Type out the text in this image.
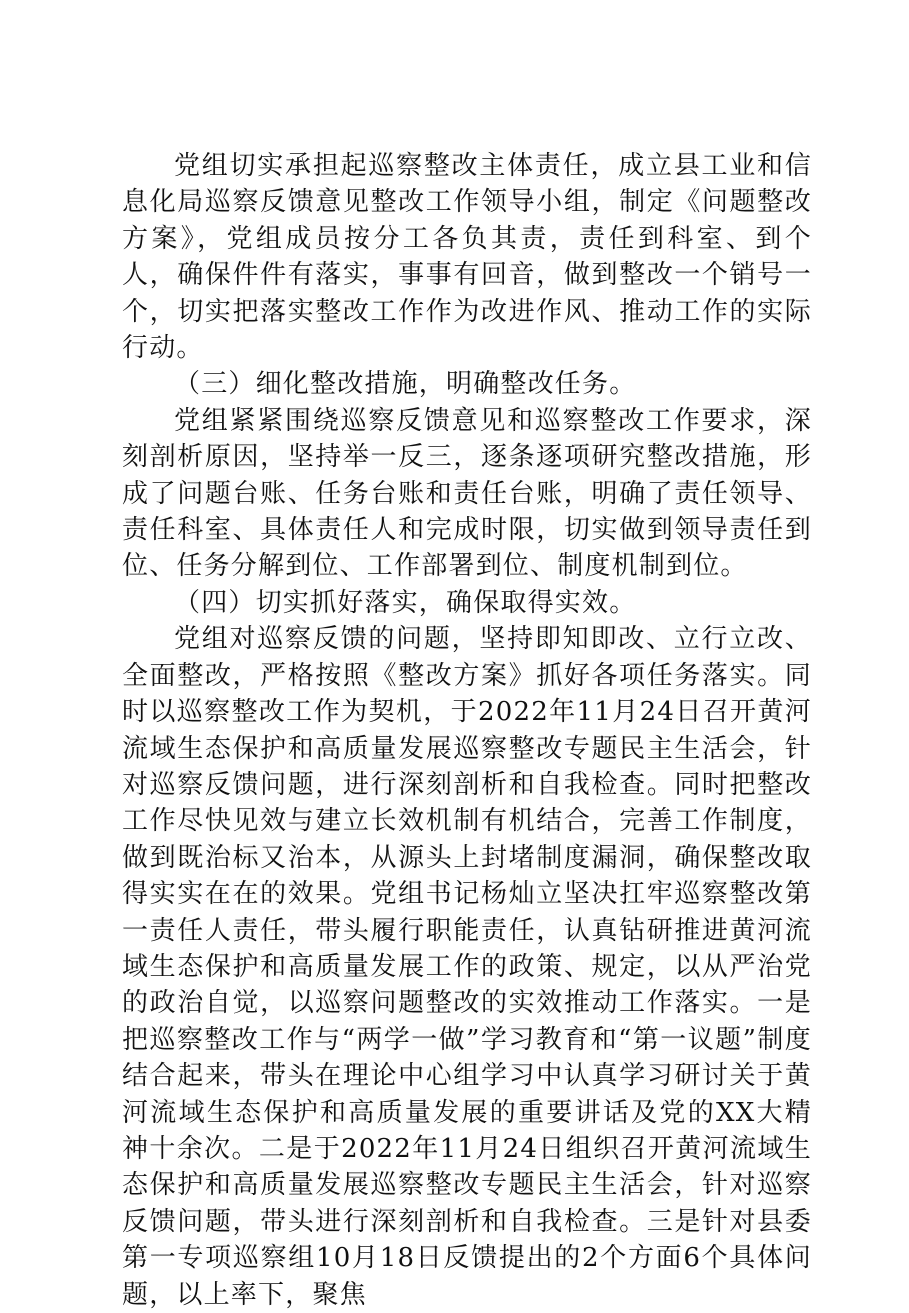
党组切实承担起巡察整改主体责任，成立县工业和信息化局巡察反馈意见整改工作领导小组，制定《问题整改方案》，党组成员按分工各负其责，责任到科室、到个人，确保件件有落实，事事有回音，做到整改一个销号一个，切实把落实整改工作作为改进作风、推动工作的实际行动。

（三）细化整改措施，明确整改任务。

党组紧紧围绕巡察反馈意见和巡察整改工作要求，深刻剖析原因，坚持举一反三，逐条逐项研究整改措施，形成了问题台账、任务台账和责任台账，明确了责任领导、责任科室、具体责任人和完成时限，切实做到领导责任到位、任务分解到位、工作部署到位、制度机制到位。

（四）切实抓好落实，确保取得实效。

党组对巡察反馈的问题，坚持即知即改、立行立改、全面整改，严格按照《整改方案》抓好各项任务落实。同时以巡察整改工作为契机，于2022年11月24日召开黄河流域生态保护和高质量发展巡察整改专题民主生活会，针对巡察反馈问题，进行深刻剖析和自我检查。同时把整改工作尽快见效与建立长效机制有机结合，完善工作制度，做到既治标又治本，从源头上封堵制度漏洞，确保整改取得实实在在的效果。党组书记杨灿立坚决扛牢巡察整改第一责任人责任，带头履行职能责任，认真钻研推进黄河流域生态保护和高质量发展工作的政策、规定，以从严治党的政治自觉，以巡察问题整改的实效推动工作落实。一是把巡察整改工作与“两学一做”学习教育和“第一议题”制度结合起来，带头在理论中心组学习中认真学习研讨关于黄河流域生态保护和高质量发展的重要讲话及党的XX大精神十余次。二是于2022年11月24日组织召开黄河流域生态保护和高质量发展巡察整改专题民主生活会，针对巡察反馈问题，带头进行深刻剖析和自我检查。三是针对县委第一专项巡察组10月18日反馈提出的2个方面6个具体问题，以上率下，聚焦
